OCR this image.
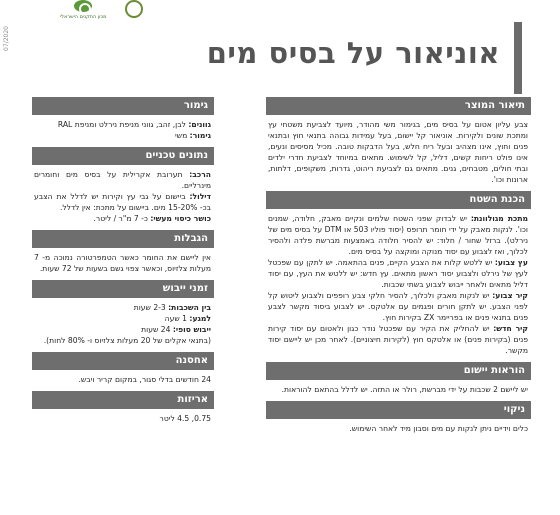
מכון התקנים הישראלי
07/2020	אוניאור על בסיס מים
תיאור המוצר
צבע עליון אטום על בסיס מים, בגימור משי מהודר, מיועד לצביעת משטחי עץ ומתכת שונים ולקירות. אוניאור קל יישום, בעל עמידות גבוהה בתנאי חוץ ובתנאי פנים וחוץ, אינו מצהיב ובעל ריח חלש, בעל הדבקות טובה. מכיל מסיסים ונעים, אינו פולט ריחות קשים, דליל, קל לשימוש. מתאים במיוחד לצביעת חדרי ילדים ובתי חולים, מטבחים, גנים. מתאים גם לצביעת ריהוט, גדרות, משקופים, דלתות, ארונות וכו'.
הכנת השטח

מתכת מגולוונת: יש לבדוק שפני השטח שלמים ונקיים מאבק, חלודה, שמנים וכו'. לנקות מאבק על ידי חומר תרופס (יסוד פוליו 503 או DTM על בסיס מים של נירלט). ברזל שחור / חלוד: יש להסיר חלודה באמצעות מברשת פלדה ולהסיר לכלוך, ואז לצבוע עם יסוד מנוקה ומוקצה על בסיס מים.

עץ צבוע: יש ללטש קלות את הצבע הקיים, פנים בהתאמה. יש לתקן עם שפכטל לעץ של נירלט ולצבוע יסוד ראשון מתאים. עץ חדש: יש ללטש את העץ, עם יסוד דליל מתאים ולאחר ייבוש לצבוע בשתי שכבות.

קיר צבוע: יש לנקות מאבק ולכלוך, להסיר חלקי צבע רופפים ולצבוע ליטוש קל לפני הצבע. יש לתקן חורים ופגמים עם אלטקס. יש לצבוע ביסוד מקשר לצבע פנים בתנאי פנים או בפריימר ZX בקירות חוץ.

קיר חדש: יש להחליק את הקיר עם שפכטל נודר כגון ולאטום עם יסוד קירות פנים (בקירות פנים) או אלטקס חוץ (לקירות חיצוניים). לאחר מכן יש ליישם יסוד מקשר.

הוראות יישום
יש ליישם 2 שכבות על ידי מברשת, רולר או התזה. יש לדלל בהתאם להוראות.
ניקוי
כלים וידיים ניתן לנקות עם מים וסבון מיד לאחר השימוש.
גימור

גוונים: לבן, זהב, גווני מניפת נירלט ומניפת RAL

גימור: משי

נתונים טכניים

הרכב: תערובת אקרילית על בסיס מים וחומרים מינרליים.

דילול: ביישום על גבי עץ וקירות יש לדלל את הצבע בכ- 15-20% מים. ביישום על מתכת: אין לדלל.

כושר כיסוי מעשי: כ- 7 מ"ר / ליטר.

הגבלות
אין ליישם את החומר כאשר הטמפרטורה נמוכה מ- 7 מעלות צלזיוס, וכאשר צפוי גשם בשעות של 72 שעות.
זמני ייבוש

בין השכבות: 2-3 שעות

למגע: 1 שעה

ייבוש סופי: 24 שעות

(בתנאי אקלים של 20 מעלות צלזיוס ו- 80% לחות).

אחסנה
24 חודשים בדלי סגור, במקום קריר ויבש.
אריזות
0.75, 4.5 ליטר
